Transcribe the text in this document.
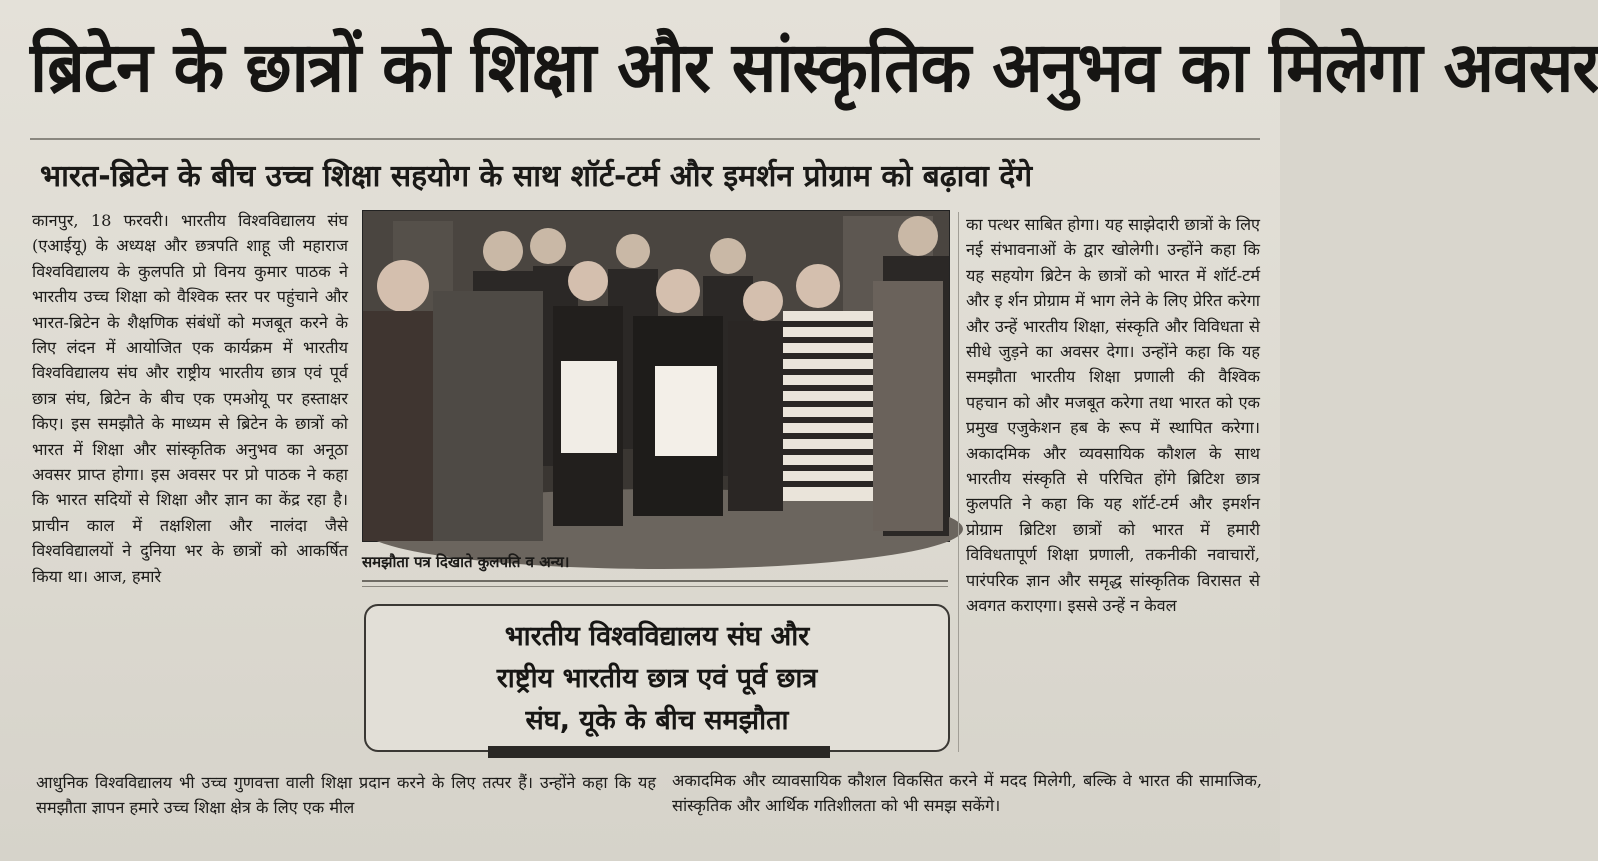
ब्रिटेन के छात्रों को शिक्षा और सांस्कृतिक अनुभव का मिलेगा अवसर
भारत-ब्रिटेन के बीच उच्च शिक्षा सहयोग के साथ शॉर्ट-टर्म और इमर्शन प्रोग्राम को बढ़ावा देंगे
कानपुर, 18 फरवरी। भारतीय विश्वविद्यालय संघ (एआईयू) के अध्यक्ष और छत्रपति शाहू जी महाराज विश्वविद्यालय के कुलपति प्रो विनय कुमार पाठक ने भारतीय उच्च शिक्षा को वैश्विक स्तर पर पहुंचाने और भारत-ब्रिटेन के शैक्षणिक संबंधों को मजबूत करने के लिए लंदन में आयोजित एक कार्यक्रम में भारतीय विश्वविद्यालय संघ और राष्ट्रीय भारतीय छात्र एवं पूर्व छात्र संघ, ब्रिटेन के बीच एक एमओयू पर हस्ताक्षर किए। इस समझौते के माध्यम से ब्रिटेन के छात्रों को भारत में शिक्षा और सांस्कृतिक अनुभव का अनूठा अवसर प्राप्त होगा। इस अवसर पर प्रो पाठक ने कहा कि भारत सदियों से शिक्षा और ज्ञान का केंद्र रहा है। प्राचीन काल में तक्षशिला और नालंदा जैसे विश्वविद्यालयों ने दुनिया भर के छात्रों को आकर्षित किया था। आज, हमारे
समझौता पत्र दिखाते कुलपति व अन्य।
भारतीय विश्वविद्यालय संघ और
राष्ट्रीय भारतीय छात्र एवं पूर्व छात्र
संघ, यूके के बीच समझौता
का पत्थर साबित होगा। यह साझेदारी छात्रों के लिए नई संभावनाओं के द्वार खोलेगी। उन्होंने कहा कि यह सहयोग ब्रिटेन के छात्रों को भारत में शॉर्ट-टर्म और इ र्शन प्रोग्राम में भाग लेने के लिए प्रेरित करेगा और उन्हें भारतीय शिक्षा, संस्कृति और विविधता से सीधे जुड़ने का अवसर देगा। उन्होंने कहा कि यह समझौता भारतीय शिक्षा प्रणाली की वैश्विक पहचान को और मजबूत करेगा तथा भारत को एक प्रमुख एजुकेशन हब के रूप में स्थापित करेगा। अकादमिक और व्यवसायिक कौशल के साथ भारतीय संस्कृति से परिचित होंगे ब्रिटिश छात्र कुलपति ने कहा कि यह शॉर्ट-टर्म और इमर्शन प्रोग्राम ब्रिटिश छात्रों को भारत में हमारी विविधतापूर्ण शिक्षा प्रणाली, तकनीकी नवाचारों, पारंपरिक ज्ञान और समृद्ध सांस्कृतिक विरासत से अवगत कराएगा। इससे उन्हें न केवल
आधुनिक विश्वविद्यालय भी उच्च गुणवत्ता वाली शिक्षा प्रदान करने के लिए तत्पर हैं। उन्होंने कहा कि यह समझौता ज्ञापन हमारे उच्च शिक्षा क्षेत्र के लिए एक मील
अकादमिक और व्यावसायिक कौशल विकसित करने में मदद मिलेगी, बल्कि वे भारत की सामाजिक, सांस्कृतिक और आर्थिक गतिशीलता को भी समझ सकेंगे।
